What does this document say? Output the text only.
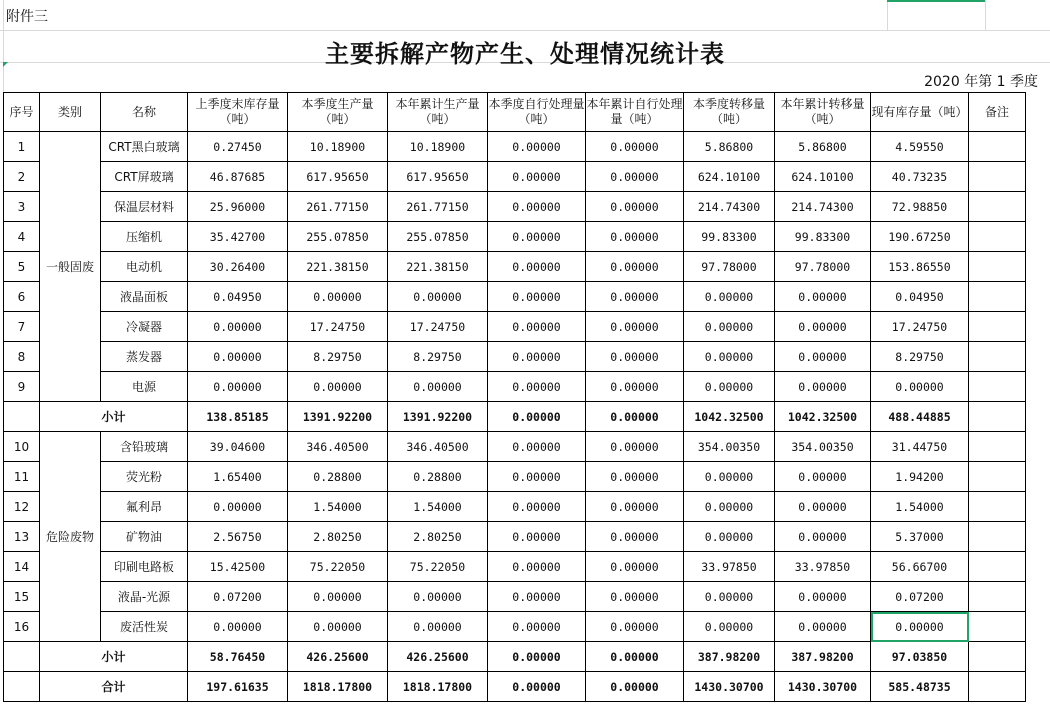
附件三
主要拆解产物产生、处理情况统计表
2020 年第 1 季度
序号	类别	名称	上季度末库存量（吨）	本季度生产量（吨）	本年累计生产量（吨）	本季度自行处理量（吨）	本年累计自行处理量（吨）	本季度转移量（吨）	本年累计转移量（吨）	现有库存量（吨）	备注
1	一般固废	CRT黑白玻璃	0.27450	10.18900	10.18900	0.00000	0.00000	5.86800	5.86800	4.59550	
2		CRT屏玻璃	46.87685	617.95650	617.95650	0.00000	0.00000	624.10100	624.10100	40.73235	
3		保温层材料	25.96000	261.77150	261.77150	0.00000	0.00000	214.74300	214.74300	72.98850	
4		压缩机	35.42700	255.07850	255.07850	0.00000	0.00000	99.83300	99.83300	190.67250	
5		电动机	30.26400	221.38150	221.38150	0.00000	0.00000	97.78000	97.78000	153.86550	
6		液晶面板	0.04950	0.00000	0.00000	0.00000	0.00000	0.00000	0.00000	0.04950	
7		冷凝器	0.00000	17.24750	17.24750	0.00000	0.00000	0.00000	0.00000	17.24750	
8		蒸发器	0.00000	8.29750	8.29750	0.00000	0.00000	0.00000	0.00000	8.29750	
9		电源	0.00000	0.00000	0.00000	0.00000	0.00000	0.00000	0.00000	0.00000	
	小计		138.85185	1391.92200	1391.92200	0.00000	0.00000	1042.32500	1042.32500	488.44885	
10	危险废物	含铅玻璃	39.04600	346.40500	346.40500	0.00000	0.00000	354.00350	354.00350	31.44750	
11		荧光粉	1.65400	0.28800	0.28800	0.00000	0.00000	0.00000	0.00000	1.94200	
12		氟利昂	0.00000	1.54000	1.54000	0.00000	0.00000	0.00000	0.00000	1.54000	
13		矿物油	2.56750	2.80250	2.80250	0.00000	0.00000	0.00000	0.00000	5.37000	
14		印刷电路板	15.42500	75.22050	75.22050	0.00000	0.00000	33.97850	33.97850	56.66700	
15		液晶-光源	0.07200	0.00000	0.00000	0.00000	0.00000	0.00000	0.00000	0.07200	
16		废活性炭	0.00000	0.00000	0.00000	0.00000	0.00000	0.00000	0.00000	0.00000	
	小计		58.76450	426.25600	426.25600	0.00000	0.00000	387.98200	387.98200	97.03850	
	合计		197.61635	1818.17800	1818.17800	0.00000	0.00000	1430.30700	1430.30700	585.48735	
